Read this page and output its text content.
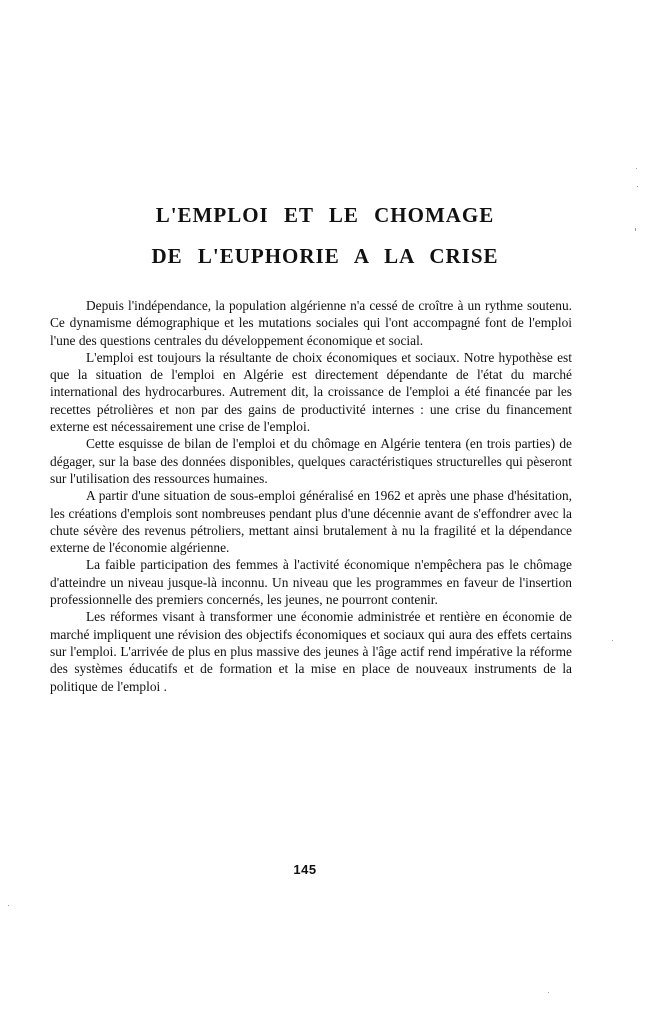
L'EMPLOI ET LE CHOMAGE
DE L'EUPHORIE A LA CRISE

Depuis l'indépendance, la population algérienne n'a cessé de croître à un rythme soutenu. Ce dynamisme démographique et les mutations sociales qui l'ont accompagné font de l'emploi l'une des questions centrales du développement économique et social.

L'emploi est toujours la résultante de choix économiques et sociaux. Notre hypothèse est que la situation de l'emploi en Algérie est directement dépendante de l'état du marché international des hydrocarbures. Autrement dit, la croissance de l'emploi a été financée par les recettes pétrolières et non par des gains de productivité internes : une crise du financement externe est nécessairement une crise de l'emploi.

Cette esquisse de bilan de l'emploi et du chômage en Algérie tentera (en trois parties) de dégager, sur la base des données disponibles, quelques caractéristiques structurelles qui pèseront sur l'utilisation des ressources humaines.

A partir d'une situation de sous-emploi généralisé en 1962 et après une phase d'hésitation, les créations d'emplois sont nombreuses pendant plus d'une décennie avant de s'effondrer avec la chute sévère des revenus pétroliers, mettant ainsi brutalement à nu la fragilité et la dépendance externe de l'économie algérienne.

La faible participation des femmes à l'activité économique n'empêchera pas le chômage d'atteindre un niveau jusque-là inconnu. Un niveau que les programmes en faveur de l'insertion professionnelle des premiers concernés, les jeunes, ne pourront contenir.

Les réformes visant à transformer une économie administrée et rentière en économie de marché impliquent une révision des objectifs économiques et sociaux qui aura des effets certains sur l'emploi. L'arrivée de plus en plus massive des jeunes à l'âge actif rend impérative la réforme des systèmes éducatifs et de formation et la mise en place de nouveaux instruments de la politique de l'emploi .

145
